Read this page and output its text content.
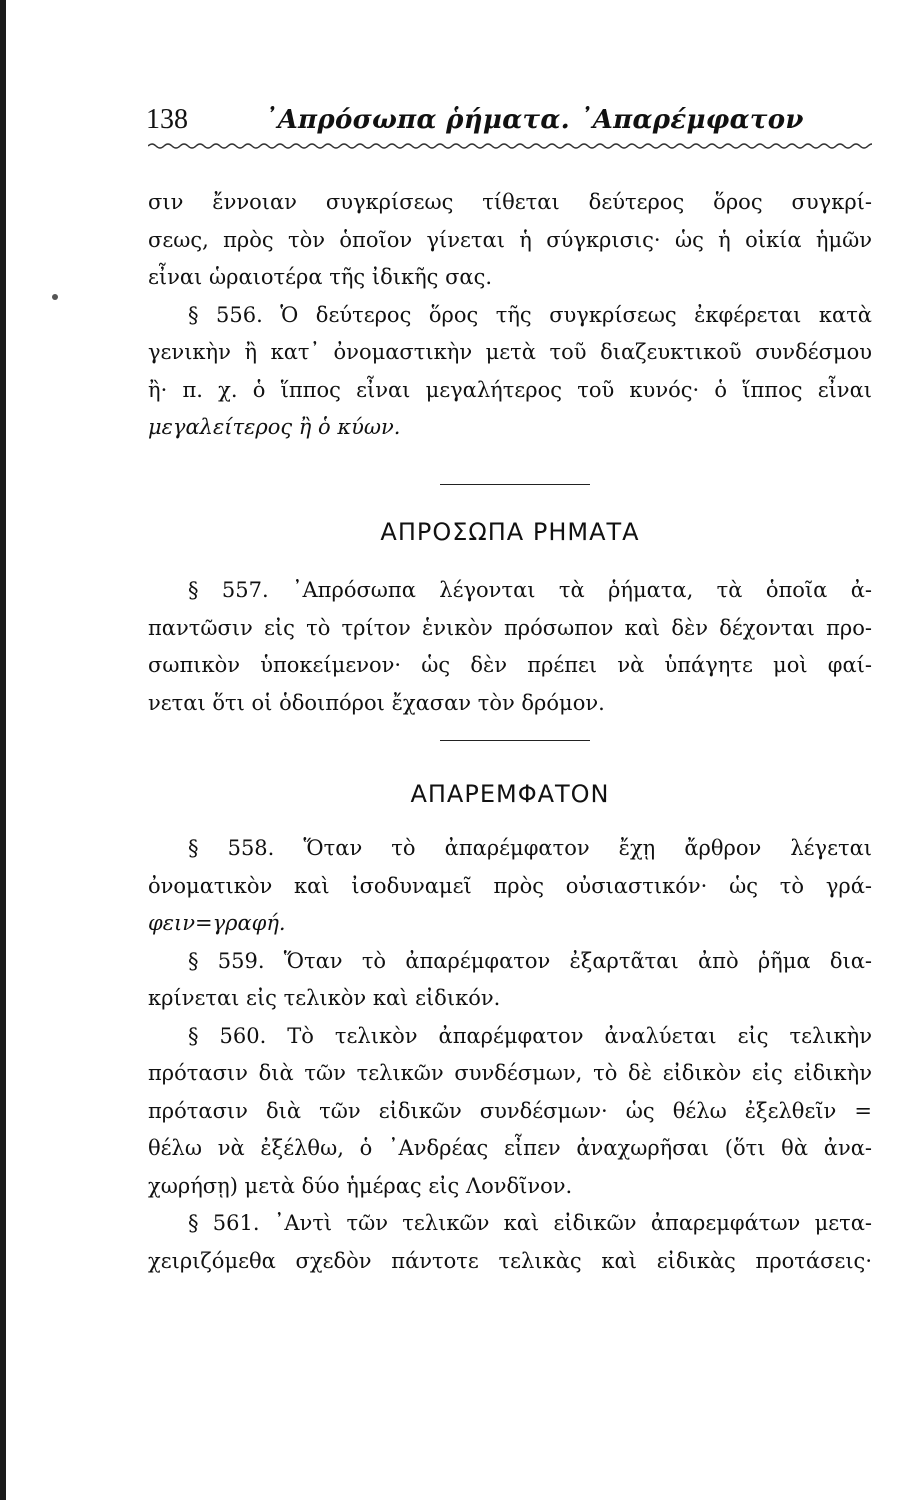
138	᾿Απρόσωπα ῥήματα. ᾿Απαρέμφατον
σιν ἔννοιαν συγκρίσεως τίθεται δεύτερος ὅρος συγκρί-
σεως, πρὸς τὸν ὁποῖον γίνεται ἡ σύγκρισις· ὡς ἡ οἰκία ἡμῶν
εἶναι ὡραιοτέρα τῆς ἰδικῆς σας.
§ 556. Ὁ δεύτερος ὅρος τῆς συγκρίσεως ἐκφέρεται κατὰ
γενικὴν ἢ κατ᾿ ὀνομαστικὴν μετὰ τοῦ διαζευκτικοῦ συνδέσμου
ἢ· π. χ. ὁ ἵππος εἶναι μεγαλήτερος τοῦ κυνός· ὁ ἵππος εἶναι
μεγαλείτερος ἢ ὁ κύων.
ΑΠΡΟΣΩΠΑ ΡΗΜΑΤΑ
§ 557. ᾿Απρόσωπα λέγονται τὰ ῥήματα, τὰ ὁποῖα ἀ-
παντῶσιν εἰς τὸ τρίτον ἑνικὸν πρόσωπον καὶ δὲν δέχονται προ-
σωπικὸν ὑποκείμενον· ὡς δὲν πρέπει νὰ ὑπάγητε μοὶ φαί-
νεται ὅτι οἱ ὁδοιπόροι ἔχασαν τὸν δρόμον.
ΑΠΑΡΕΜΦΑΤΟΝ
§ 558. Ὅταν τὸ ἀπαρέμφατον ἔχῃ ἄρθρον λέγεται
ὀνοματικὸν καὶ ἰσοδυναμεῖ πρὸς οὐσιαστικόν· ὡς τὸ γρά-
φειν=γραφή.
§ 559. Ὅταν τὸ ἀπαρέμφατον ἐξαρτᾶται ἀπὸ ῥῆμα δια-
κρίνεται εἰς τελικὸν καὶ εἰδικόν.
§ 560. Τὸ τελικὸν ἀπαρέμφατον ἀναλύεται εἰς τελικὴν
πρότασιν διὰ τῶν τελικῶν συνδέσμων, τὸ δὲ εἰδικὸν εἰς εἰδικὴν
πρότασιν διὰ τῶν εἰδικῶν συνδέσμων· ὡς θέλω ἐξελθεῖν =
θέλω νὰ ἐξέλθω, ὁ ᾿Ανδρέας εἶπεν ἀναχωρῆσαι (ὅτι θὰ ἀνα-
χωρήσῃ) μετὰ δύο ἡμέρας εἰς Λονδῖνον.
§ 561. ᾿Αντὶ τῶν τελικῶν καὶ εἰδικῶν ἀπαρεμφάτων μετα-
χειριζόμεθα σχεδὸν πάντοτε τελικὰς καὶ εἰδικὰς προτάσεις·
